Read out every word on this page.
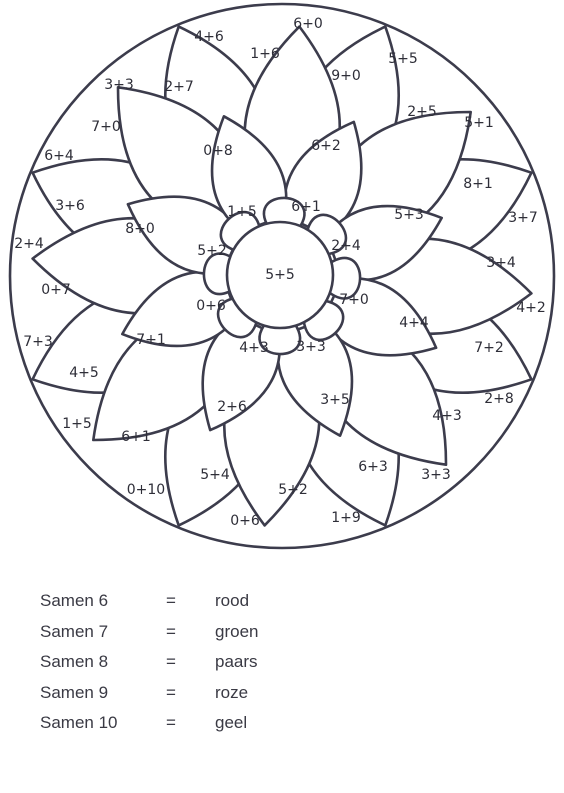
6+0
2+5
5+1
3+4
2+8
3+3
5+2
0+6
6+1
0+10
0+7
2+4
7+3
7+0
4+6
1+6	5+5
3+7
4+2
4+3
1+9
1+5
6+4
3+3
9+0
8+1
7+2
6+3
5+4
4+5
3+6
2+7
6+2
5+3
4+4
3+5
2+6
7+1
8+0
0+8
1+5 6+1
2+4
7+0
3+3
4+3
0+6
5+2
5+5
Samen 6	= rood
Samen 7	= groen
Samen 8	= paars
Samen 9	= roze
Samen 10	= geel
